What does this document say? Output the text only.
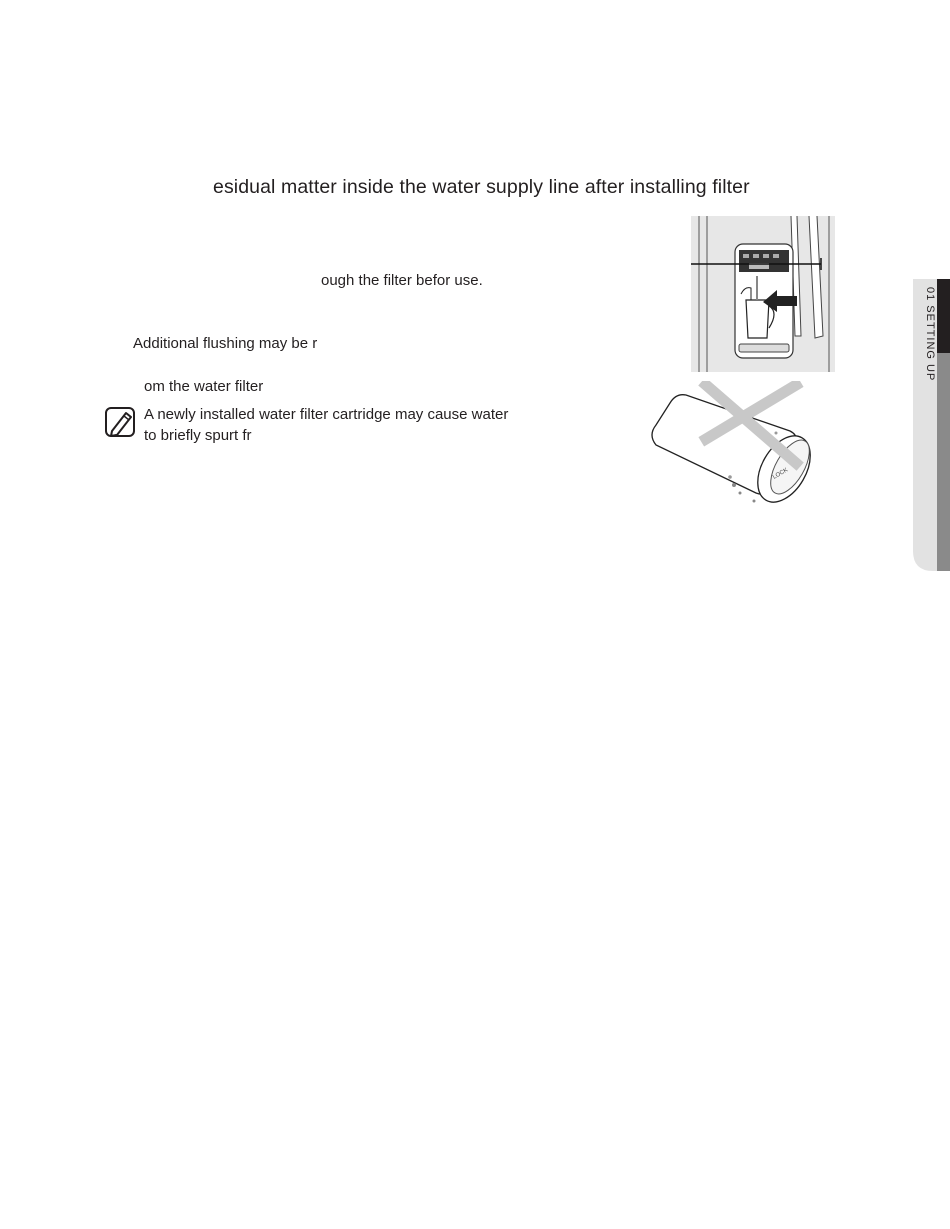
esidual matter inside the water supply line after installing filter
ough the filter befor use.
Additional flushing may be r
om the water filter
A newly installed water filter cartridge may cause water
to briefly spurt fr
LOCK
01 SETTING UP
